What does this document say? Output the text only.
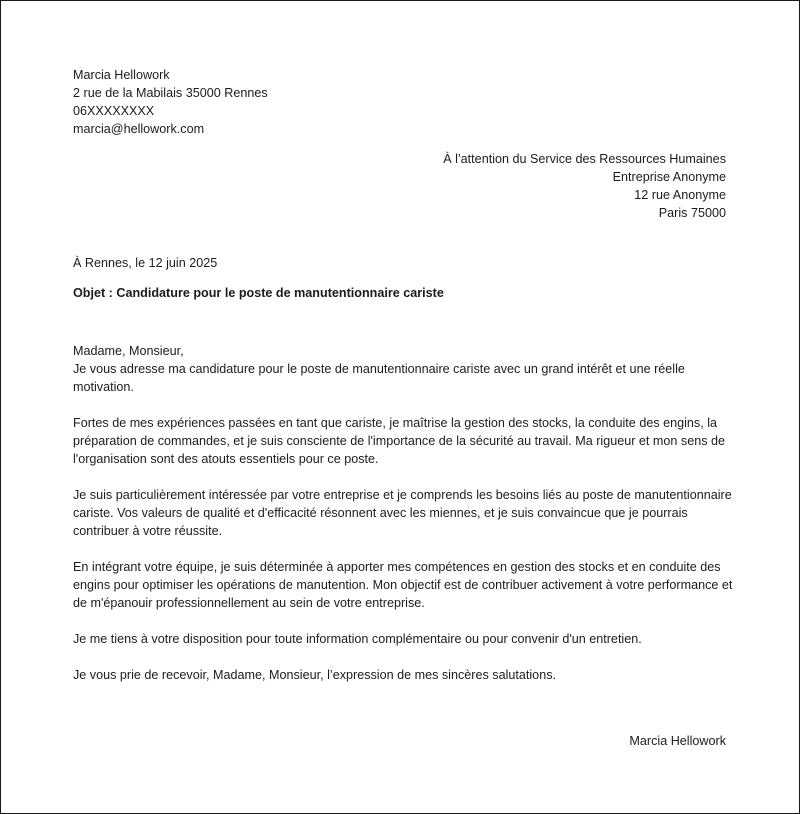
Marcia Hellowork
2 rue de la Mabilais 35000 Rennes
06XXXXXXXX
marcia@hellowork.com
À l’attention du Service des Ressources Humaines
Entreprise Anonyme
12 rue Anonyme
Paris 75000
À Rennes, le 12 juin 2025
Objet : Candidature pour le poste de manutentionnaire cariste

Madame, Monsieur,

Je vous adresse ma candidature pour le poste de manutentionnaire cariste avec un grand intérêt et une réelle motivation.

Fortes de mes expériences passées en tant que cariste, je maîtrise la gestion des stocks, la conduite des engins, la préparation de commandes, et je suis consciente de l'importance de la sécurité au travail. Ma rigueur et mon sens de l'organisation sont des atouts essentiels pour ce poste.

Je suis particulièrement intéressée par votre entreprise et je comprends les besoins liés au poste de manutentionnaire cariste. Vos valeurs de qualité et d'efficacité résonnent avec les miennes, et je suis convaincue que je pourrais contribuer à votre réussite.

En intégrant votre équipe, je suis déterminée à apporter mes compétences en gestion des stocks et en conduite des engins pour optimiser les opérations de manutention. Mon objectif est de contribuer activement à votre performance et de m'épanouir professionnellement au sein de votre entreprise.

Je me tiens à votre disposition pour toute information complémentaire ou pour convenir d'un entretien.

Je vous prie de recevoir, Madame, Monsieur, l’expression de mes sincères salutations.

Marcia Hellowork
